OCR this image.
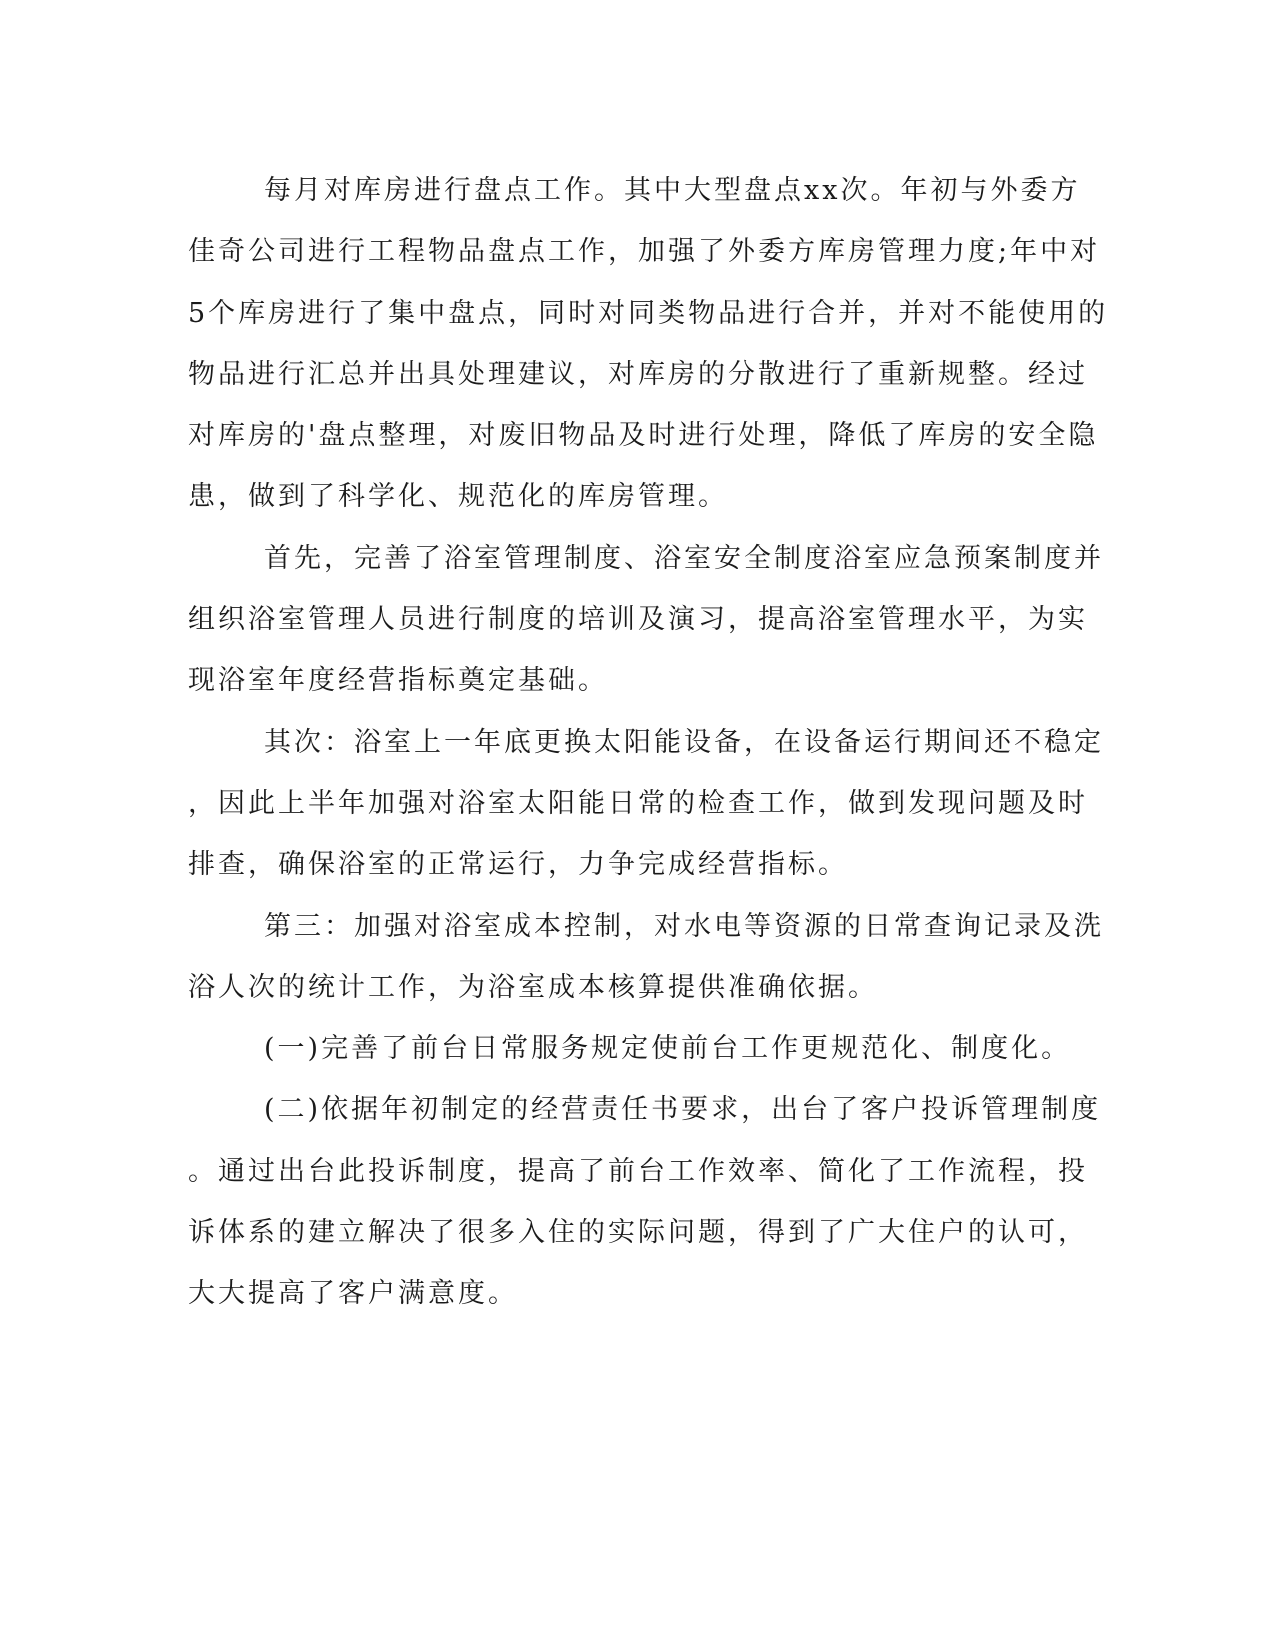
每月对库房进行盘点工作。其中大型盘点xx次。年初与外委方
佳奇公司进行工程物品盘点工作，加强了外委方库房管理力度;年中对
5个库房进行了集中盘点，同时对同类物品进行合并，并对不能使用的
物品进行汇总并出具处理建议，对库房的分散进行了重新规整。经过
对库房的'盘点整理，对废旧物品及时进行处理，降低了库房的安全隐
患，做到了科学化、规范化的库房管理。
首先，完善了浴室管理制度、浴室安全制度浴室应急预案制度并
组织浴室管理人员进行制度的培训及演习，提高浴室管理水平，为实
现浴室年度经营指标奠定基础。
其次：浴室上一年底更换太阳能设备，在设备运行期间还不稳定
，因此上半年加强对浴室太阳能日常的检查工作，做到发现问题及时
排查，确保浴室的正常运行，力争完成经营指标。
第三：加强对浴室成本控制，对水电等资源的日常查询记录及洗
浴人次的统计工作，为浴室成本核算提供准确依据。
(一)完善了前台日常服务规定使前台工作更规范化、制度化。
(二)依据年初制定的经营责任书要求，出台了客户投诉管理制度
。通过出台此投诉制度，提高了前台工作效率、简化了工作流程，投
诉体系的建立解决了很多入住的实际问题，得到了广大住户的认可，
大大提高了客户满意度。
